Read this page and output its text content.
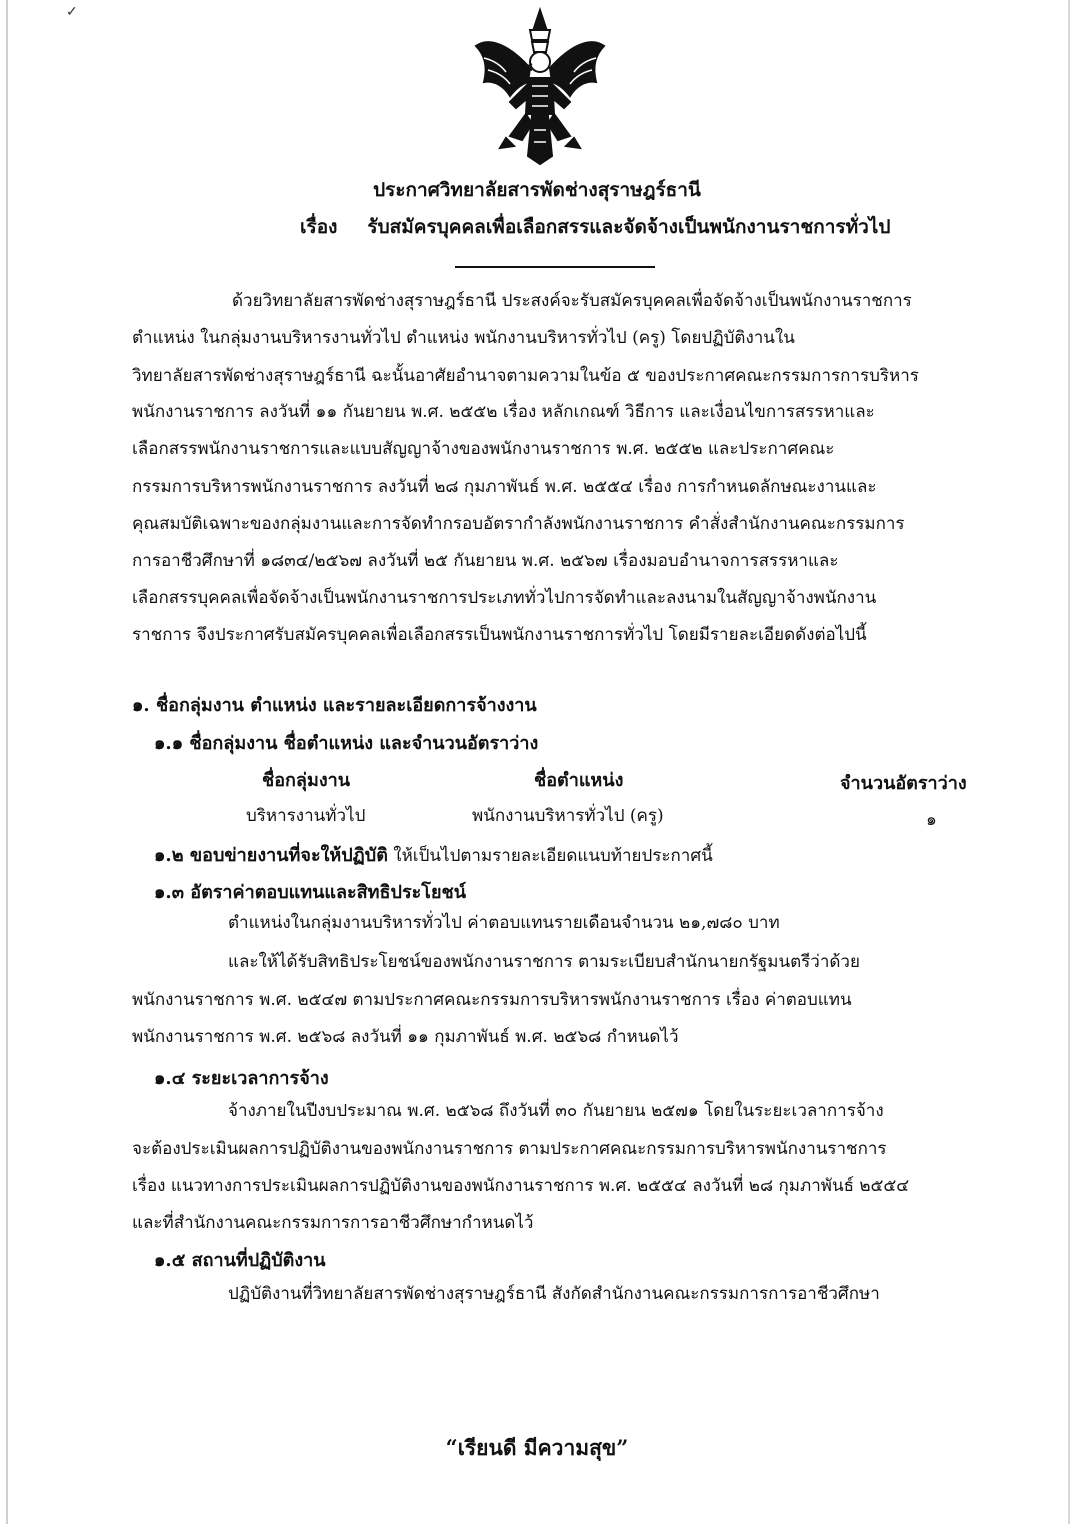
✓
ประกาศวิทยาลัยสารพัดช่างสุราษฎร์ธานี
เรื่อง รับสมัครบุคคลเพื่อเลือกสรรและจัดจ้างเป็นพนักงานราชการทั่วไป
ด้วยวิทยาลัยสารพัดช่างสุราษฎร์ธานี ประสงค์จะรับสมัครบุคคลเพื่อจัดจ้างเป็นพนักงานราชการ
ตำแหน่ง ในกลุ่มงานบริหารงานทั่วไป ตำแหน่ง พนักงานบริหารทั่วไป (ครู) โดยปฏิบัติงานใน
วิทยาลัยสารพัดช่างสุราษฎร์ธานี ฉะนั้นอาศัยอำนาจตามความในข้อ ๕ ของประกาศคณะกรรมการการบริหาร
พนักงานราชการ ลงวันที่ ๑๑ กันยายน พ.ศ. ๒๕๕๒ เรื่อง หลักเกณฑ์ วิธีการ และเงื่อนไขการสรรหาและ
เลือกสรรพนักงานราชการและแบบสัญญาจ้างของพนักงานราชการ พ.ศ. ๒๕๕๒ และประกาศคณะ
กรรมการบริหารพนักงานราชการ ลงวันที่ ๒๘ กุมภาพันธ์ พ.ศ. ๒๕๕๔ เรื่อง การกำหนดลักษณะงานและ
คุณสมบัติเฉพาะของกลุ่มงานและการจัดทำกรอบอัตรากำลังพนักงานราชการ คำสั่งสำนักงานคณะกรรมการ
การอาชีวศึกษาที่ ๑๘๓๔/๒๕๖๗ ลงวันที่ ๒๕ กันยายน พ.ศ. ๒๕๖๗ เรื่องมอบอำนาจการสรรหาและ
เลือกสรรบุคคลเพื่อจัดจ้างเป็นพนักงานราชการประเภททั่วไปการจัดทำและลงนามในสัญญาจ้างพนักงาน
ราชการ จึงประกาศรับสมัครบุคคลเพื่อเลือกสรรเป็นพนักงานราชการทั่วไป โดยมีรายละเอียดดังต่อไปนี้
๑. ชื่อกลุ่มงาน ตำแหน่ง และรายละเอียดการจ้างงาน
๑.๑ ชื่อกลุ่มงาน ชื่อตำแหน่ง และจำนวนอัตราว่าง
ชื่อกลุ่มงาน	ชื่อตำแหน่ง	จำนวนอัตราว่าง
บริหารงานทั่วไป	พนักงานบริหารทั่วไป (ครู)	๑
๑.๒ ขอบข่ายงานที่จะให้ปฏิบัติ ให้เป็นไปตามรายละเอียดแนบท้ายประกาศนี้
๑.๓ อัตราค่าตอบแทนและสิทธิประโยชน์
ตำแหน่งในกลุ่มงานบริหารทั่วไป ค่าตอบแทนรายเดือนจำนวน ๒๑,๗๘๐ บาท
และให้ได้รับสิทธิประโยชน์ของพนักงานราชการ ตามระเบียบสำนักนายกรัฐมนตรีว่าด้วย
พนักงานราชการ พ.ศ. ๒๕๔๗ ตามประกาศคณะกรรมการบริหารพนักงานราชการ เรื่อง ค่าตอบแทน
พนักงานราชการ พ.ศ. ๒๕๖๘ ลงวันที่ ๑๑ กุมภาพันธ์ พ.ศ. ๒๕๖๘ กำหนดไว้
๑.๔ ระยะเวลาการจ้าง
จ้างภายในปีงบประมาณ พ.ศ. ๒๕๖๘ ถึงวันที่ ๓๐ กันยายน ๒๕๗๑ โดยในระยะเวลาการจ้าง
จะต้องประเมินผลการปฏิบัติงานของพนักงานราชการ ตามประกาศคณะกรรมการบริหารพนักงานราชการ
เรื่อง แนวทางการประเมินผลการปฏิบัติงานของพนักงานราชการ พ.ศ. ๒๕๕๔ ลงวันที่ ๒๘ กุมภาพันธ์ ๒๕๕๔
และที่สำนักงานคณะกรรมการการอาชีวศึกษากำหนดไว้
๑.๕ สถานที่ปฏิบัติงาน
ปฏิบัติงานที่วิทยาลัยสารพัดช่างสุราษฎร์ธานี สังกัดสำนักงานคณะกรรมการการอาชีวศึกษา
“เรียนดี มีความสุข”
